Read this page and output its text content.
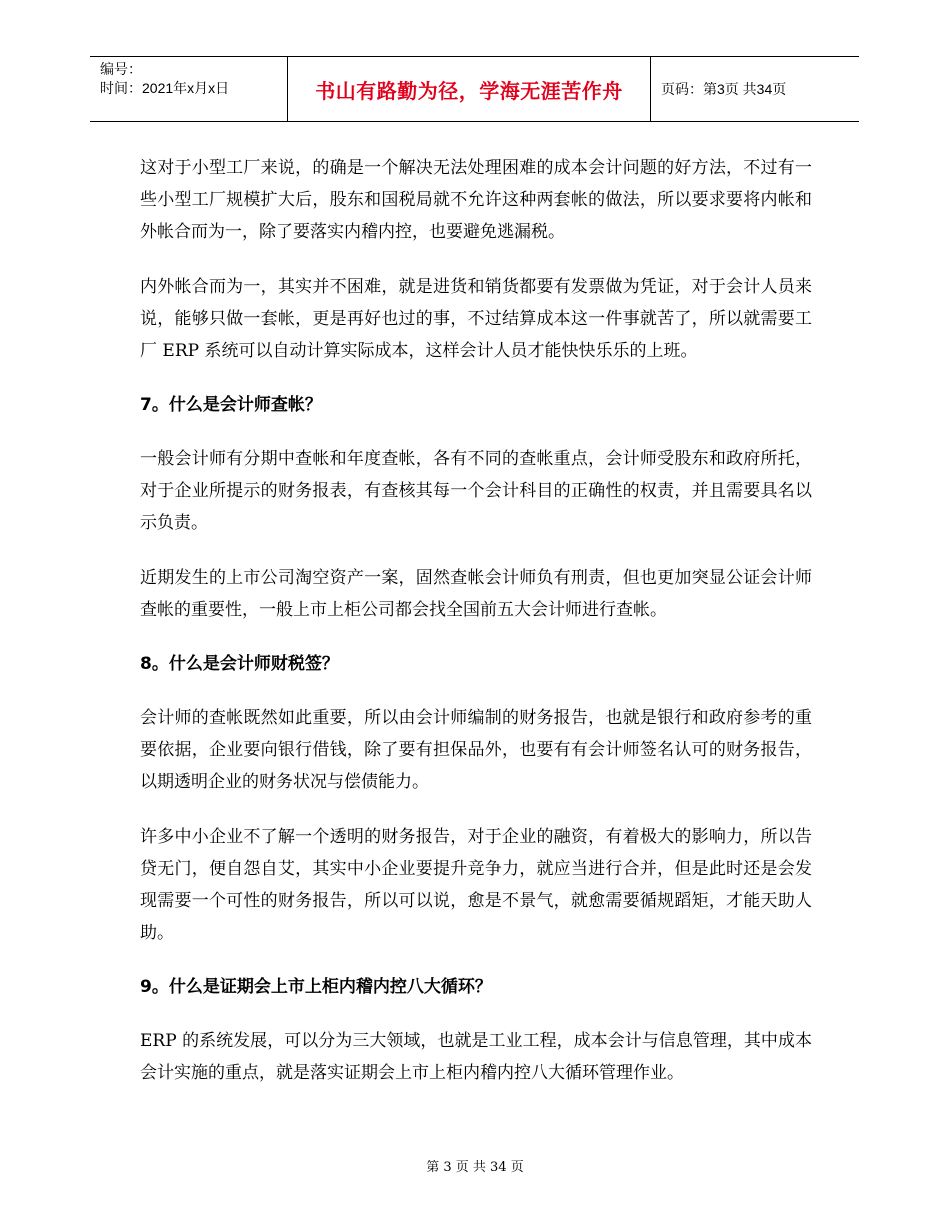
编号：
时间：2021年x月x日	书山有路勤为径，学海无涯苦作舟	页码：第3页 共34页

这对于小型工厂来说，的确是一个解决无法处理困难的成本会计问题的好方法，不过有一些小型工厂规模扩大后，股东和国税局就不允许这种两套帐的做法，所以要求要将内帐和外帐合而为一，除了要落实内稽内控，也要避免逃漏税。

内外帐合而为一，其实并不困难，就是进货和销货都要有发票做为凭证，对于会计人员来说，能够只做一套帐，更是再好也过的事，不过结算成本这一件事就苦了，所以就需要工厂 ERP 系统可以自动计算实际成本，这样会计人员才能快快乐乐的上班。

7。什么是会计师查帐？

一般会计师有分期中查帐和年度查帐，各有不同的查帐重点，会计师受股东和政府所托，对于企业所提示的财务报表，有查核其每一个会计科目的正确性的权责，并且需要具名以示负责。

近期发生的上市公司淘空资产一案，固然查帐会计师负有刑责，但也更加突显公证会计师查帐的重要性，一般上市上柜公司都会找全国前五大会计师进行查帐。

8。什么是会计师财税签？

会计师的查帐既然如此重要，所以由会计师编制的财务报告，也就是银行和政府参考的重要依据，企业要向银行借钱，除了要有担保品外，也要有有会计师签名认可的财务报告，以期透明企业的财务状况与偿债能力。

许多中小企业不了解一个透明的财务报告，对于企业的融资，有着极大的影响力，所以告贷无门，便自怨自艾，其实中小企业要提升竞争力，就应当进行合并，但是此时还是会发现需要一个可性的财务报告，所以可以说，愈是不景气，就愈需要循规蹈矩，才能天助人助。

9。什么是证期会上市上柜内稽内控八大循环？

ERP 的系统发展，可以分为三大领域，也就是工业工程，成本会计与信息管理，其中成本会计实施的重点，就是落实证期会上市上柜内稽内控八大循环管理作业。

第 3 页 共 34 页
